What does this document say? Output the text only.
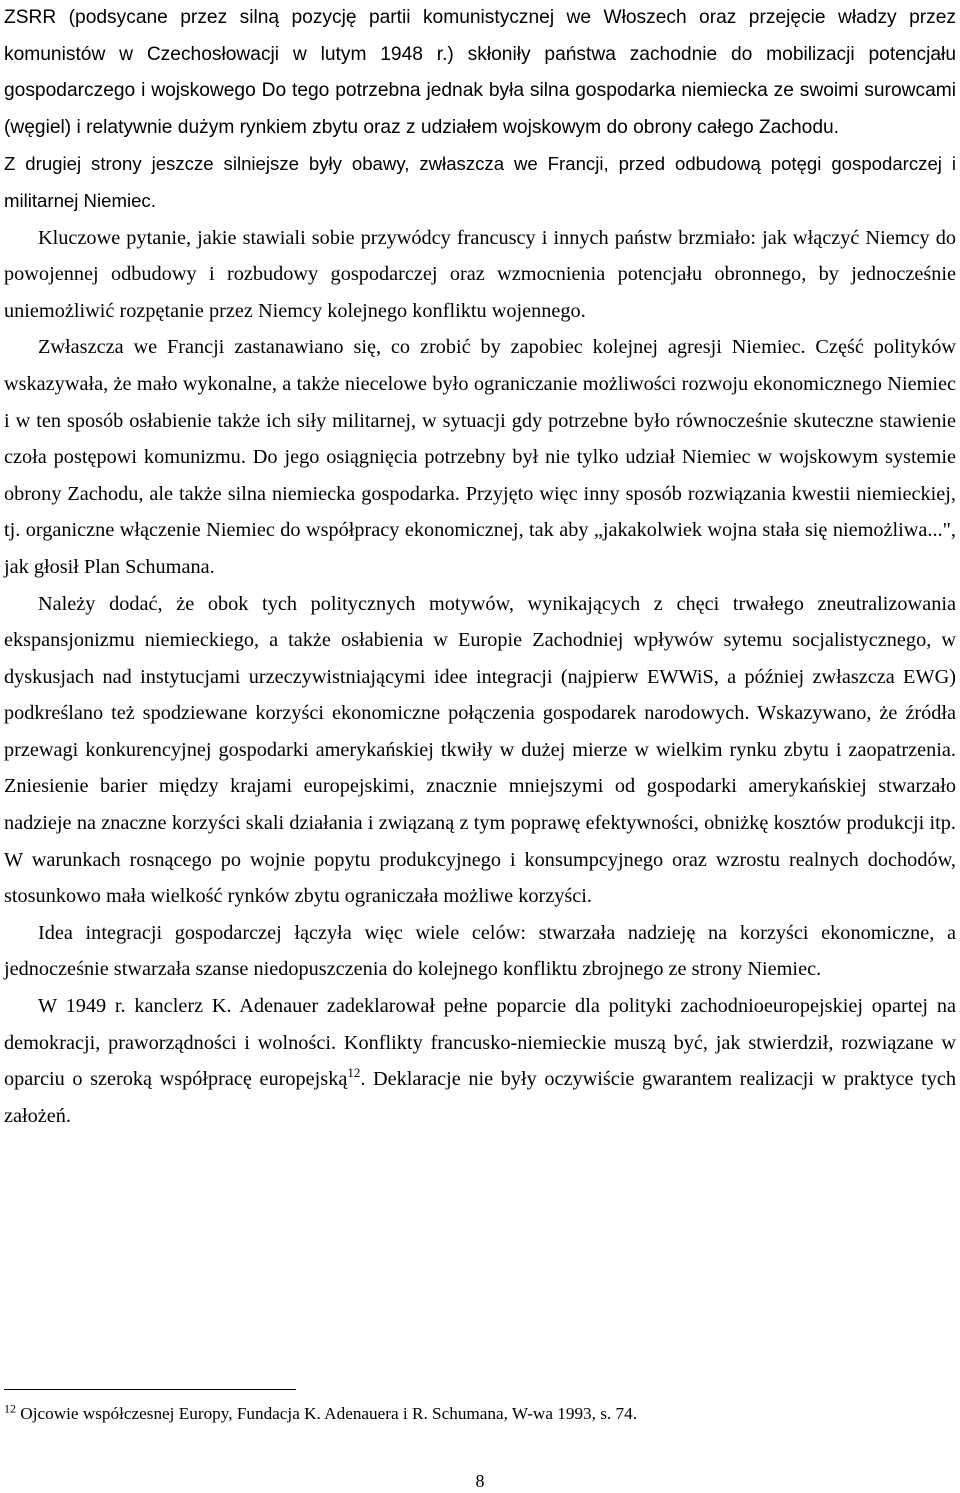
ZSRR (podsycane przez silną pozycję partii komunistycznej we Włoszech oraz przejęcie władzy przez komunistów w Czechosłowacji w lutym 1948 r.) skłoniły państwa zachodnie do mobilizacji potencjału gospodarczego i wojskowego Do tego potrzebna jednak była silna gospodarka niemiecka ze swoimi surowcami (węgiel) i relatywnie dużym rynkiem zbytu oraz z udziałem wojskowym do obrony całego Zachodu.

Z drugiej strony jeszcze silniejsze były obawy, zwłaszcza we Francji, przed odbudową potęgi gospodarczej i militarnej Niemiec.

Kluczowe pytanie, jakie stawiali sobie przywódcy francuscy i innych państw brzmiało: jak włączyć Niemcy do powojennej odbudowy i rozbudowy gospodarczej oraz wzmocnienia potencjału obronnego, by jednocześnie uniemożliwić rozpętanie przez Niemcy kolejnego konfliktu wojennego.

Zwłaszcza we Francji zastanawiano się, co zrobić by zapobiec kolejnej agresji Niemiec. Część polityków wskazywała, że mało wykonalne, a także niecelowe było ograniczanie możliwości rozwoju ekonomicznego Niemiec i w ten sposób osłabienie także ich siły militarnej, w sytuacji gdy potrzebne było równocześnie skuteczne stawienie czoła postępowi komunizmu. Do jego osiągnięcia potrzebny był nie tylko udział Niemiec w wojskowym systemie obrony Zachodu, ale także silna niemiecka gospodarka. Przyjęto więc inny sposób rozwiązania kwestii niemieckiej, tj. organiczne włączenie Niemiec do współpracy ekonomicznej, tak aby „jakakolwiek wojna stała się niemożliwa...", jak głosił Plan Schumana.

Należy dodać, że obok tych politycznych motywów, wynikających z chęci trwałego zneutralizowania ekspansjonizmu niemieckiego, a także osłabienia w Europie Zachodniej wpływów sytemu socjalistycznego, w dyskusjach nad instytucjami urzeczywistniającymi idee integracji (najpierw EWWiS, a później zwłaszcza EWG) podkreślano też spodziewane korzyści ekonomiczne połączenia gospodarek narodowych. Wskazywano, że źródła przewagi konkurencyjnej gospodarki amerykańskiej tkwiły w dużej mierze w wielkim rynku zbytu i zaopatrzenia. Zniesienie barier między krajami europejskimi, znacznie mniejszymi od gospodarki amerykańskiej stwarzało nadzieje na znaczne korzyści skali działania i związaną z tym poprawę efektywności, obniżkę kosztów produkcji itp. W warunkach rosnącego po wojnie popytu produkcyjnego i konsumpcyjnego oraz wzrostu realnych dochodów, stosunkowo mała wielkość rynków zbytu ograniczała możliwe korzyści.

Idea integracji gospodarczej łączyła więc wiele celów: stwarzała nadzieję na korzyści ekonomiczne, a jednocześnie stwarzała szanse niedopuszczenia do kolejnego konfliktu zbrojnego ze strony Niemiec.

W 1949 r. kanclerz K. Adenauer zadeklarował pełne poparcie dla polityki zachodnioeuropejskiej opartej na demokracji, praworządności i wolności. Konflikty francusko-niemieckie muszą być, jak stwierdził, rozwiązane w oparciu o szeroką współpracę europejską$^{12}$. Deklaracje nie były oczywiście gwarantem realizacji w praktyce tych założeń.

$^{12}$ Ojcowie współczesnej Europy, Fundacja K. Adenauera i R. Schumana, W-wa 1993, s. 74.

8
